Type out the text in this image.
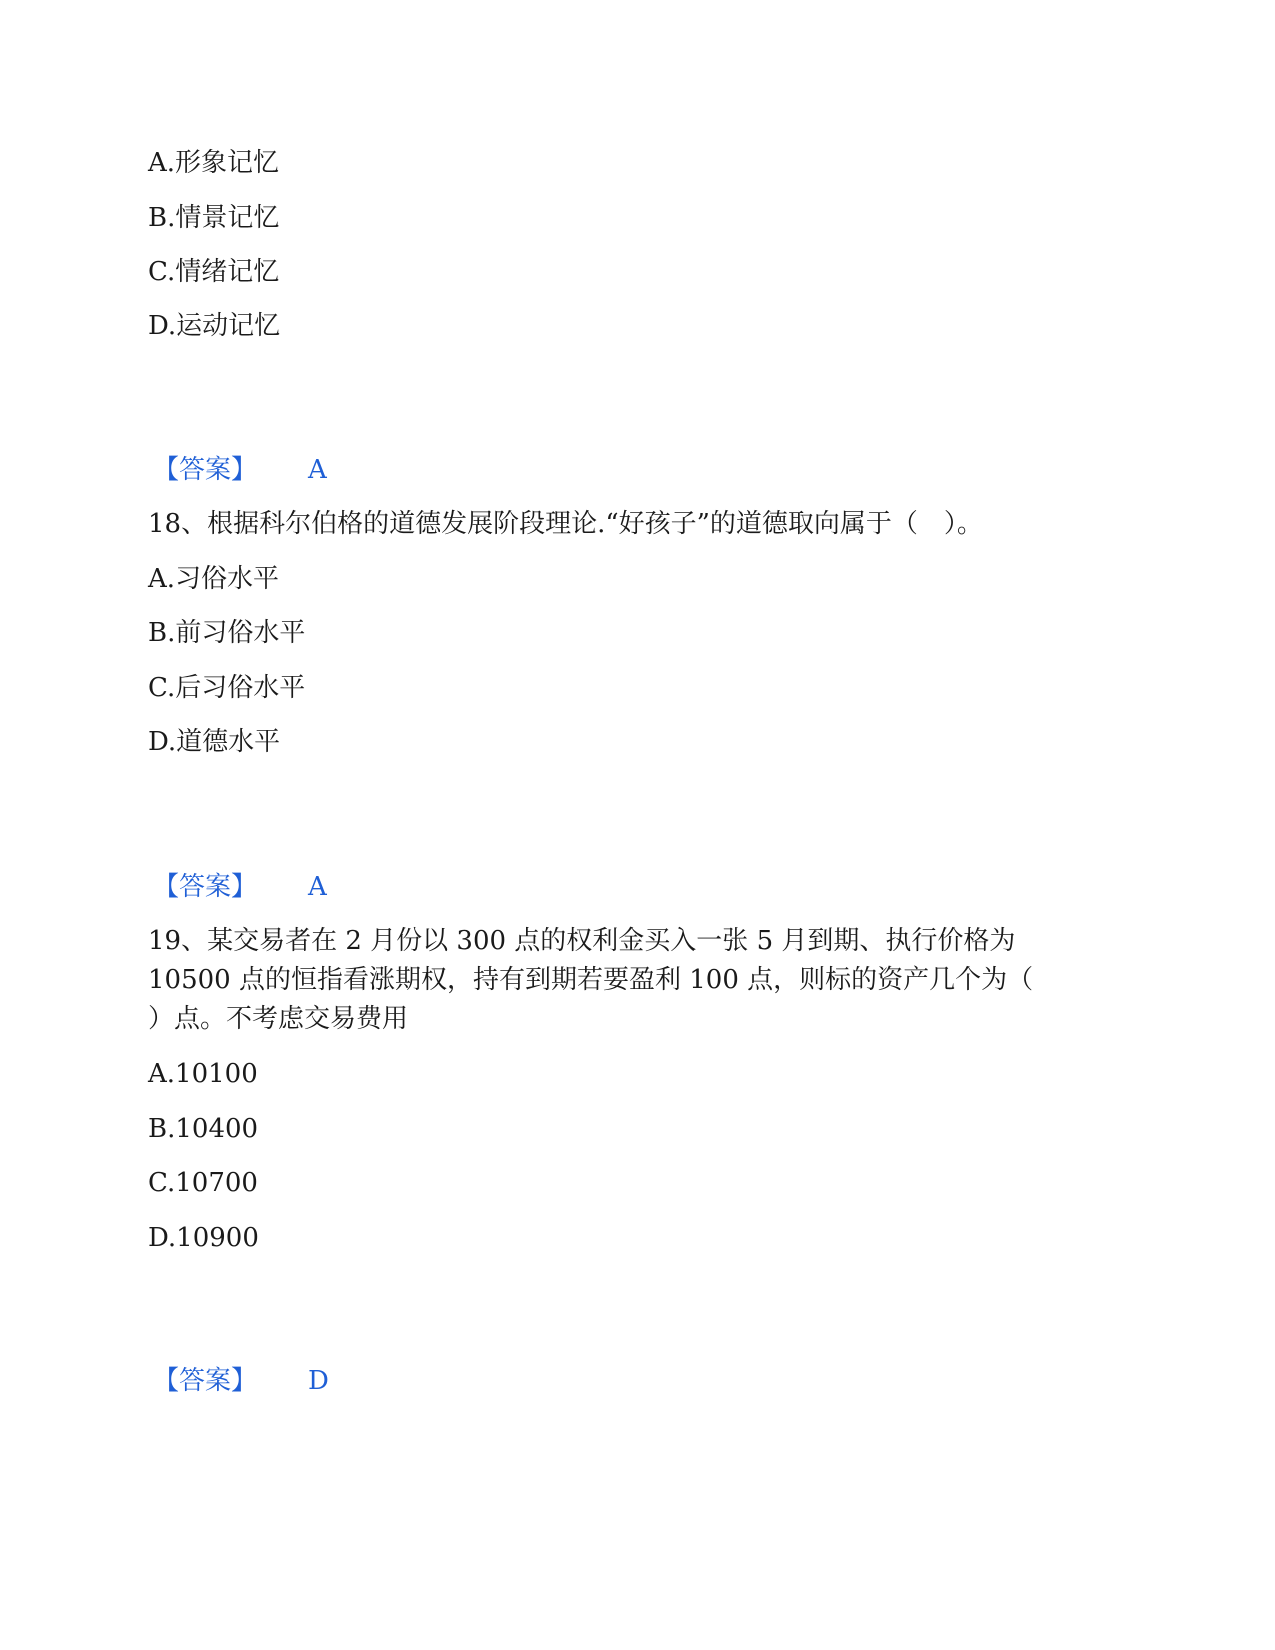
A.形象记忆
B.情景记忆
C.情绪记忆
D.运动记忆
【答案】 A
18、根据科尔伯格的道德发展阶段理论.“好孩子”的道德取向属于（　）。
A.习俗水平
B.前习俗水平
C.后习俗水平
D.道德水平
【答案】 A
19、某交易者在 2 月份以 300 点的权利金买入一张 5 月到期、执行价格为
10500 点的恒指看涨期权，持有到期若要盈利 100 点，则标的资产几个为（
）点。不考虑交易费用
A.10100
B.10400
C.10700
D.10900
【答案】 D
